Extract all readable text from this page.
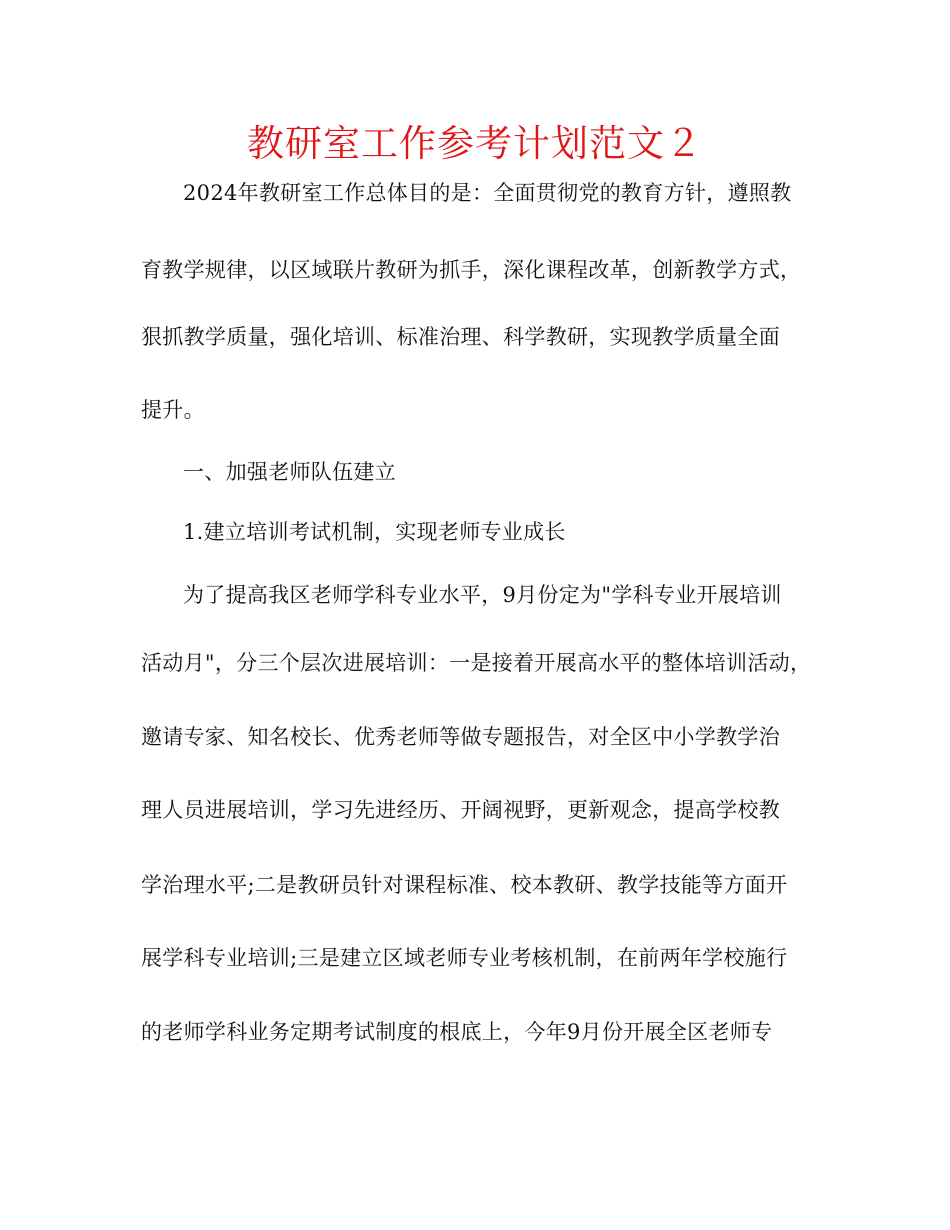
教研室工作参考计划范文２
2024年教研室工作总体目的是：全面贯彻党的教育方针，遵照教
育教学规律，以区域联片教研为抓手，深化课程改革，创新教学方式，
狠抓教学质量，强化培训、标准治理、科学教研，实现教学质量全面
提升。
一、加强老师队伍建立
1.建立培训考试机制，实现老师专业成长
为了提高我区老师学科专业水平，9月份定为"学科专业开展培训
活动月"，分三个层次进展培训：一是接着开展高水平的整体培训活动，
邀请专家、知名校长、优秀老师等做专题报告，对全区中小学教学治
理人员进展培训，学习先进经历、开阔视野，更新观念，提高学校教
学治理水平;二是教研员针对课程标准、校本教研、教学技能等方面开
展学科专业培训;三是建立区域老师专业考核机制，在前两年学校施行
的老师学科业务定期考试制度的根底上，今年9月份开展全区老师专
